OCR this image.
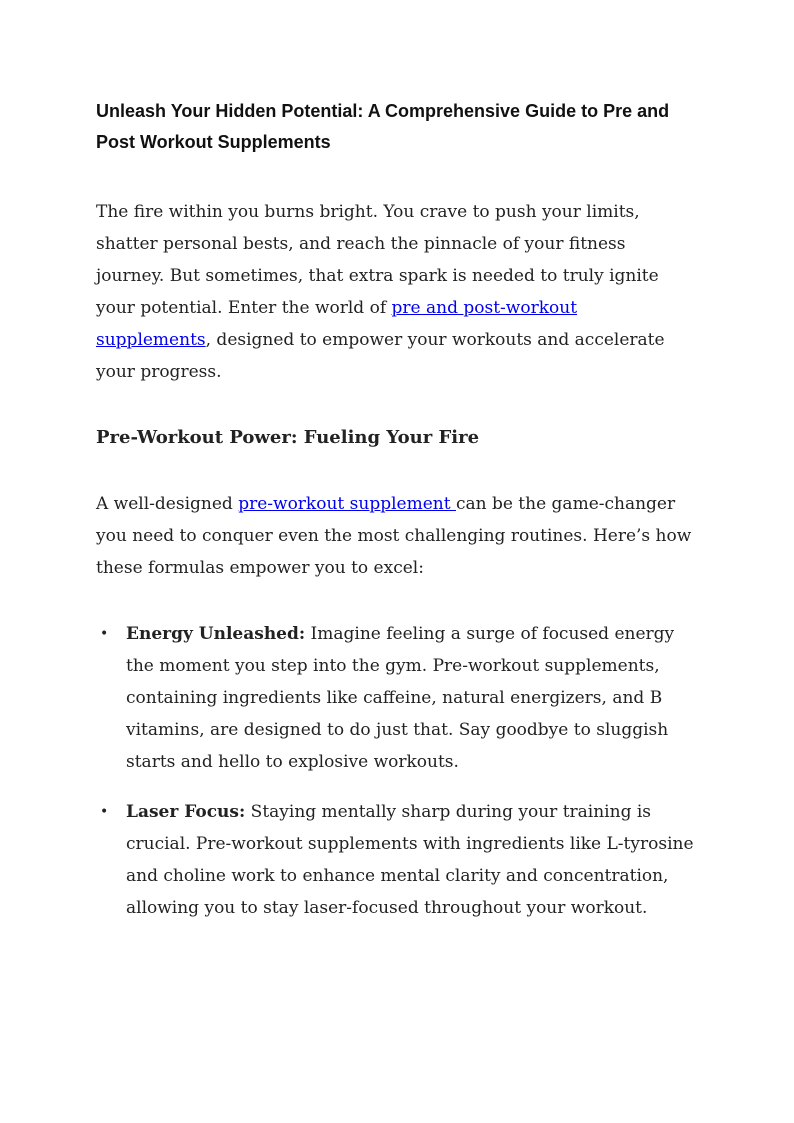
Unleash Your Hidden Potential: A Comprehensive Guide to Pre and Post Workout Supplements

The fire within you burns bright. You crave to push your limits, shatter personal bests, and reach the pinnacle of your fitness journey. But sometimes, that extra spark is needed to truly ignite your potential. Enter the world of pre and post-workout supplements, designed to empower your workouts and accelerate your progress.

Pre-Workout Power: Fueling Your Fire

A well-designed pre-workout supplement can be the game-changer you need to conquer even the most challenging routines. Here’s how these formulas empower you to excel:

• Energy Unleashed: Imagine feeling a surge of focused energy the moment you step into the gym. Pre-workout supplements, containing ingredients like caffeine, natural energizers, and B vitamins, are designed to do just that. Say goodbye to sluggish starts and hello to explosive workouts.
• Laser Focus: Staying mentally sharp during your training is crucial. Pre-workout supplements with ingredients like L-tyrosine and choline work to enhance mental clarity and concentration, allowing you to stay laser-focused throughout your workout.
